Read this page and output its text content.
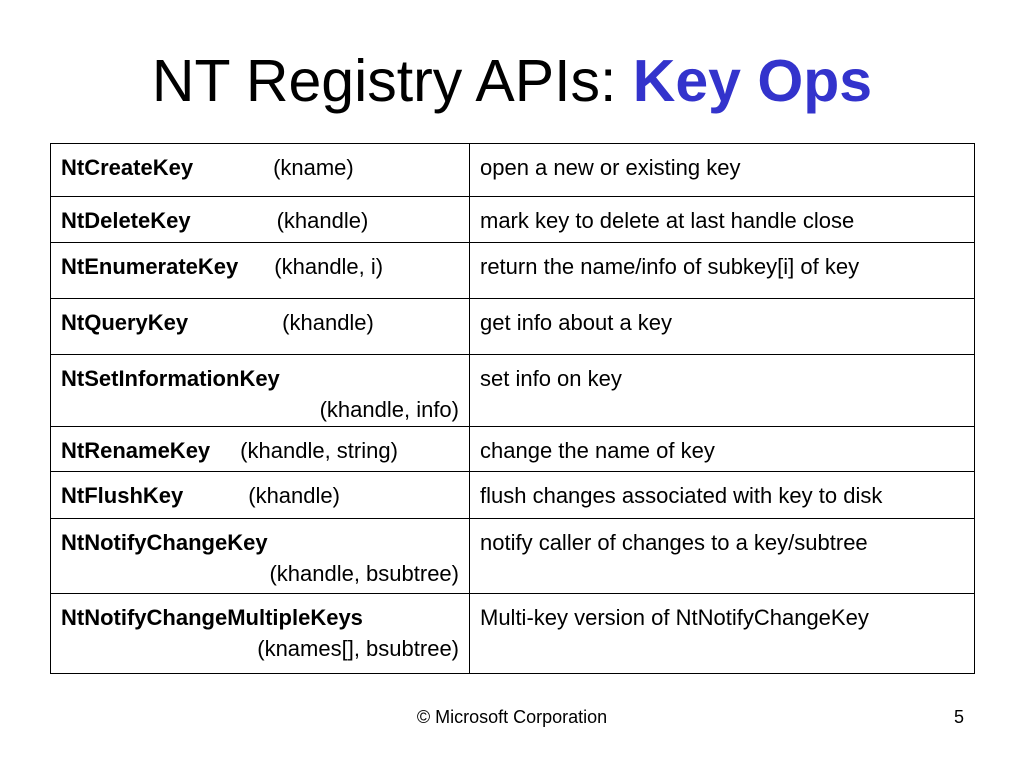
NT Registry APIs: Key Ops
NtCreateKey (kname)	open a new or existing key

NtDeleteKey (khandle)	mark key to delete at last handle close

NtEnumerateKey (khandle, i)	return the name/info of subkey[i] of key

NtQueryKey (khandle)	get info about a key

NtSetInformationKey
(khandle, info)	set info on key

NtRenameKey (khandle, string)	change the name of key

NtFlushKey (khandle)	flush changes associated with key to disk

NtNotifyChangeKey
(khandle, bsubtree)	notify caller of changes to a key/subtree

NtNotifyChangeMultipleKeys
(knames[], bsubtree)	Multi-key version of NtNotifyChangeKey
© Microsoft Corporation	5
